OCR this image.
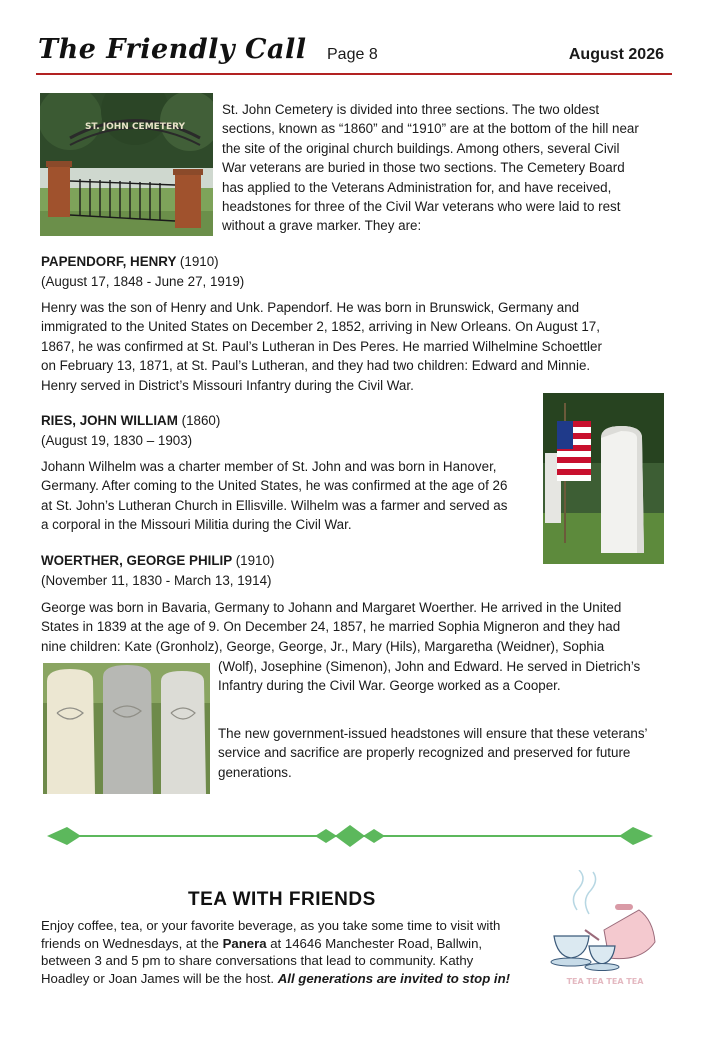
The Friendly Call Page 8	August 2026
ST. JOHN CEMETERY
St. John Cemetery is divided into three sections. The two oldest
sections, known as “1860” and “1910” are at the bottom of the hill near
the site of the original church buildings. Among others, several Civil
War veterans are buried in those two sections. The Cemetery Board
has applied to the Veterans Administration for, and have received,
headstones for three of the Civil War veterans who were laid to rest
without a grave marker. They are:
PAPENDORF, HENRY (1910)
(August 17, 1848 - June 27, 1919)
Henry was the son of Henry and Unk. Papendorf. He was born in Brunswick, Germany and
immigrated to the United States on December 2, 1852, arriving in New Orleans. On August 17,
1867, he was confirmed at St. Paul’s Lutheran in Des Peres. He married Wilhelmine Schoettler
on February 13, 1871, at St. Paul’s Lutheran, and they had two children: Edward and Minnie.
Henry served in District’s Missouri Infantry during the Civil War.
RIES, JOHN WILLIAM (1860)
(August 19, 1830 – 1903)
Johann Wilhelm was a charter member of St. John and was born in Hanover,
Germany. After coming to the United States, he was confirmed at the age of 26
at St. John’s Lutheran Church in Ellisville. Wilhelm was a farmer and served as
a corporal in the Missouri Militia during the Civil War.
WOERTHER, GEORGE PHILIP (1910)
(November 11, 1830 - March 13, 1914)
George was born in Bavaria, Germany to Johann and Margaret Woerther. He arrived in the United
States in 1839 at the age of 9. On December 24, 1857, he married Sophia Migneron and they had
nine children: Kate (Gronholz), George, George, Jr., Mary (Hils), Margaretha (Weidner), Sophia
(Wolf), Josephine (Simenon), John and Edward. He served in Dietrich’s
Infantry during the Civil War. George worked as a Cooper.
The new government-issued headstones will ensure that these veterans’
service and sacrifice are properly recognized and preserved for future
generations.
TEA WITH FRIENDS
Enjoy coffee, tea, or your favorite beverage, as you take some time to visit with
friends on Wednesdays, at the Panera at 14646 Manchester Road, Ballwin,
between 3 and 5 pm to share conversations that lead to community. Kathy
Hoadley or Joan James will be the host. All generations are invited to stop in!	TEA TEA TEA TEA
